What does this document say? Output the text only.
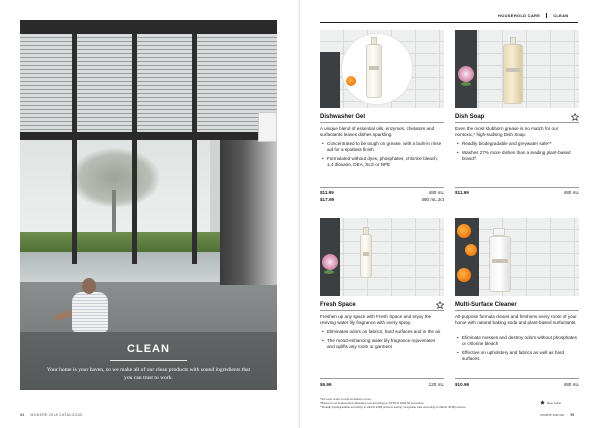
CLEAN
Your home is your haven, so we make all of our clean products with sound ingredients that you can trust to work.
54 MODERE 2018 CATALOGUE
HOUSEHOLD CARE	CLEAN
Dishwasher Gel
A unique blend of essential oils, enzymes, chelators and surfactants leaves dishes sparkling.
• Concentrated to be tough on grease, with a built-in rinse aid for a spotless finish
• Formulated without dyes, phosphates, chlorine bleach, 1,4 dioxane, DEA, SLS or NPE
$11.99	480 mL
$17.99	480 mL 2ct
Dish Soap
Even the most stubborn grease is no match for our nontoxic,* high-sudsing Dish Soap.
• Readily biodegradable and greywater safe**
• Washes 27% more dishes than a leading plant-based brand†
$11.99	480 mL
Fresh Space
Freshen up any space with Fresh Space and enjoy the reviving water lily fragrance with every spray.
• Eliminates odors on fabrics, hard surfaces and in the air
• The mood-enhancing water lily fragrance rejuvenates and uplifts any room or garment
$9.99	120 mL
Multi-Surface Cleaner
All-purpose formula cleans and freshens every room of your home with natural baking soda and plant-based surfactants.
• Eliminate messes and destroy odors without phosphates or chlorine bleach
• Effective on upholstery and fabrics as well as hard surfaces.
$10.99	480 mL
*Not toxic under normal conditions of use.
†Based on an independent laboratory test according to ASTM D 4009-92 procedure.
**Readily biodegradable according to OECD 301B protocol testing; Greywater safe according to OECD 301B protocol.
Best Seller
modere.com.au 55
